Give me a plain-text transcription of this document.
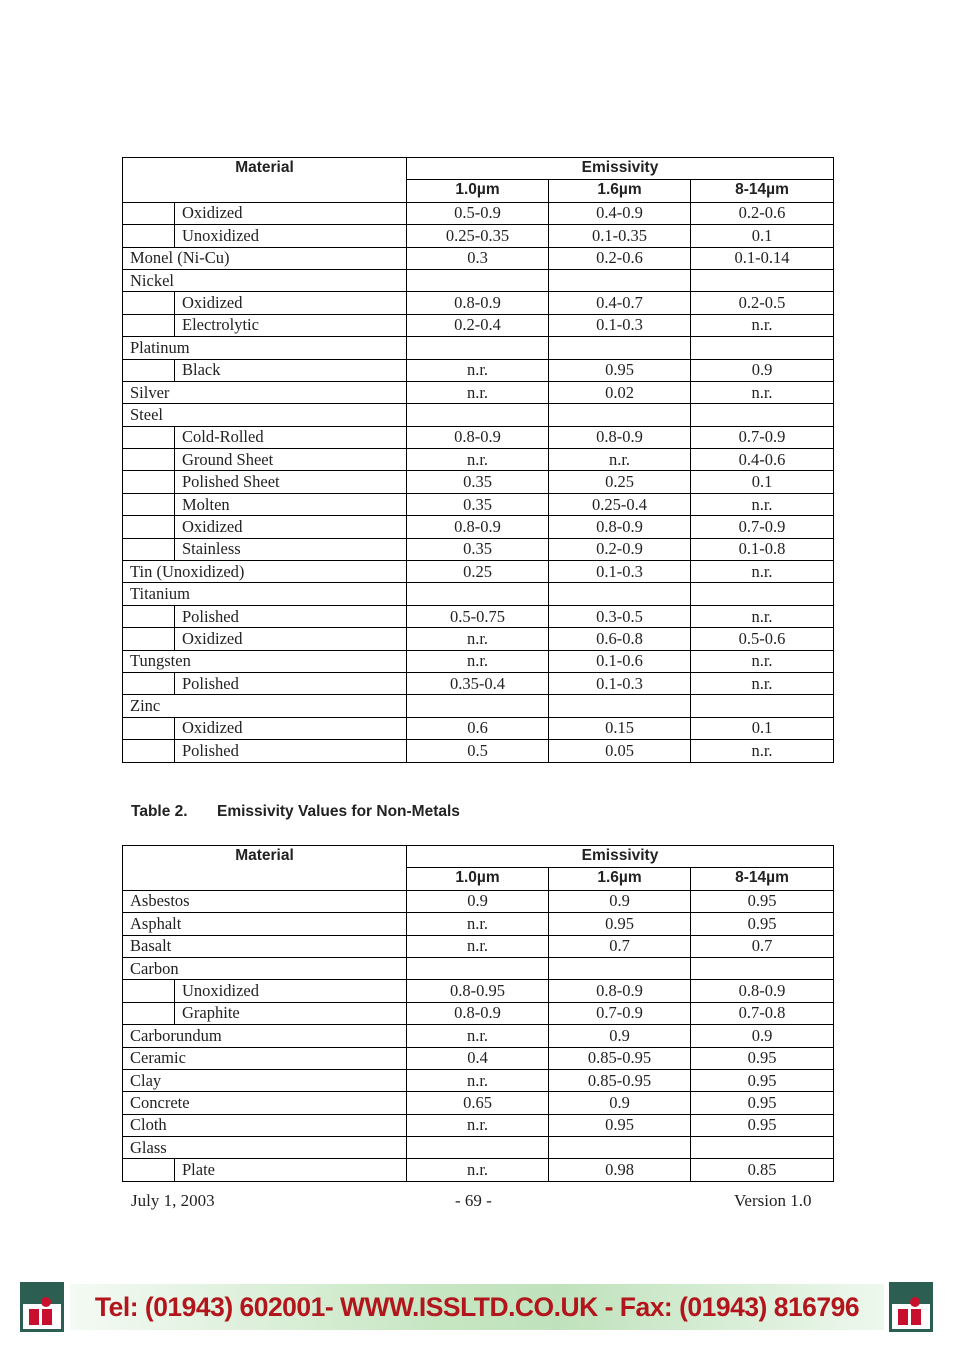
Material		Emissivity		
		1.0µm	1.6µm	8-14µm
	Oxidized	0.5-0.9	0.4-0.9	0.2-0.6
	Unoxidized	0.25-0.35	0.1-0.35	0.1
Monel (Ni-Cu)		0.3	0.2-0.6	0.1-0.14
Nickel				
	Oxidized	0.8-0.9	0.4-0.7	0.2-0.5
	Electrolytic	0.2-0.4	0.1-0.3	n.r.
Platinum				
	Black	n.r.	0.95	0.9
Silver		n.r.	0.02	n.r.
Steel				
	Cold-Rolled	0.8-0.9	0.8-0.9	0.7-0.9
	Ground Sheet	n.r.	n.r.	0.4-0.6
	Polished Sheet	0.35	0.25	0.1
	Molten	0.35	0.25-0.4	n.r.
	Oxidized	0.8-0.9	0.8-0.9	0.7-0.9
	Stainless	0.35	0.2-0.9	0.1-0.8
Tin (Unoxidized)		0.25	0.1-0.3	n.r.
Titanium				
	Polished	0.5-0.75	0.3-0.5	n.r.
	Oxidized	n.r.	0.6-0.8	0.5-0.6
Tungsten		n.r.	0.1-0.6	n.r.
	Polished	0.35-0.4	0.1-0.3	n.r.
Zinc				
	Oxidized	0.6	0.15	0.1
	Polished	0.5	0.05	n.r.
Table 2. Emissivity Values for Non-Metals
Material		Emissivity		
		1.0µm	1.6µm	8-14µm
Asbestos		0.9	0.9	0.95
Asphalt		n.r.	0.95	0.95
Basalt		n.r.	0.7	0.7
Carbon				
	Unoxidized	0.8-0.95	0.8-0.9	0.8-0.9
	Graphite	0.8-0.9	0.7-0.9	0.7-0.8
Carborundum		n.r.	0.9	0.9
Ceramic		0.4	0.85-0.95	0.95
Clay		n.r.	0.85-0.95	0.95
Concrete		0.65	0.9	0.95
Cloth		n.r.	0.95	0.95
Glass				
	Plate	n.r.	0.98	0.85
July 1, 2003	- 69 -	Version 1.0
Tel: (01943) 602001- WWW.ISSLTD.CO.UK - Fax: (01943) 816796
